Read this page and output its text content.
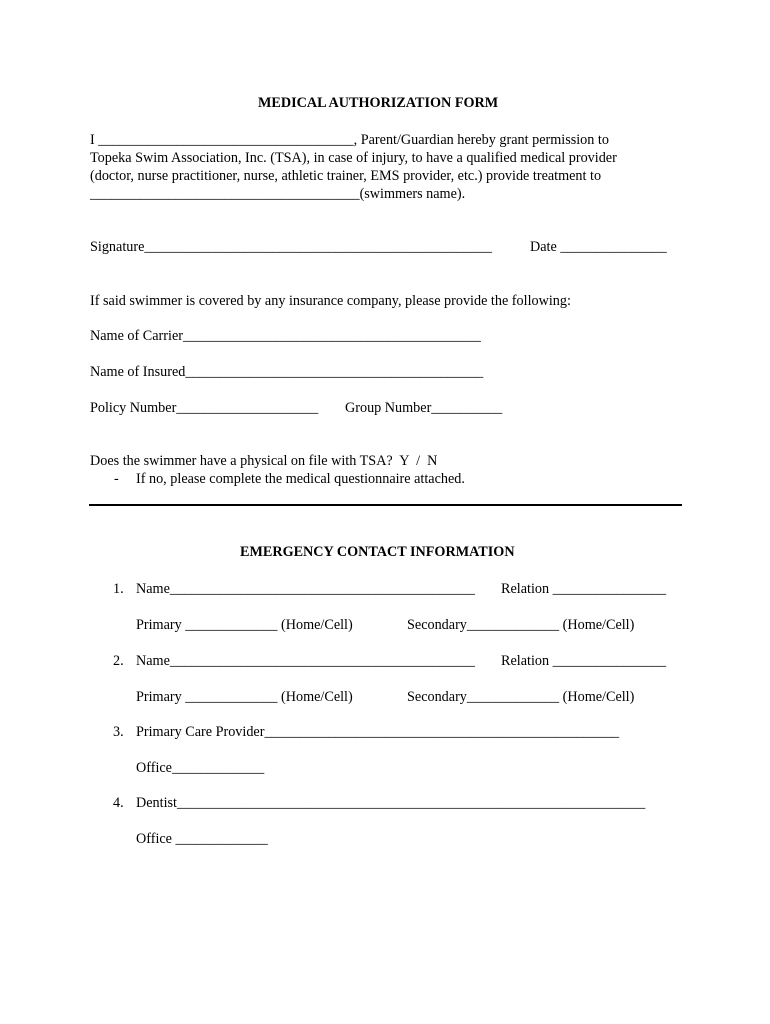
MEDICAL AUTHORIZATION FORM
I ____________________________________, Parent/Guardian hereby grant permission to
Topeka Swim Association, Inc. (TSA), in case of injury, to have a qualified medical provider
(doctor, nurse practitioner, nurse, athletic trainer, EMS provider, etc.) provide treatment to
______________________________________(swimmers name).
Signature_________________________________________________	Date _______________
If said swimmer is covered by any insurance company, please provide the following:
Name of Carrier__________________________________________
Name of Insured__________________________________________
Policy Number____________________ Group Number__________
Does the swimmer have a physical on file with TSA?  Y  /  N
- If no, please complete the medical questionnaire attached.
EMERGENCY CONTACT INFORMATION
1. Name___________________________________________ Relation ________________
Primary _____________ (Home/Cell)	Secondary_____________ (Home/Cell)
2. Name___________________________________________ Relation ________________
Primary _____________ (Home/Cell)	Secondary_____________ (Home/Cell)
3. Primary Care Provider__________________________________________________
Office_____________
4. Dentist__________________________________________________________________
Office _____________
